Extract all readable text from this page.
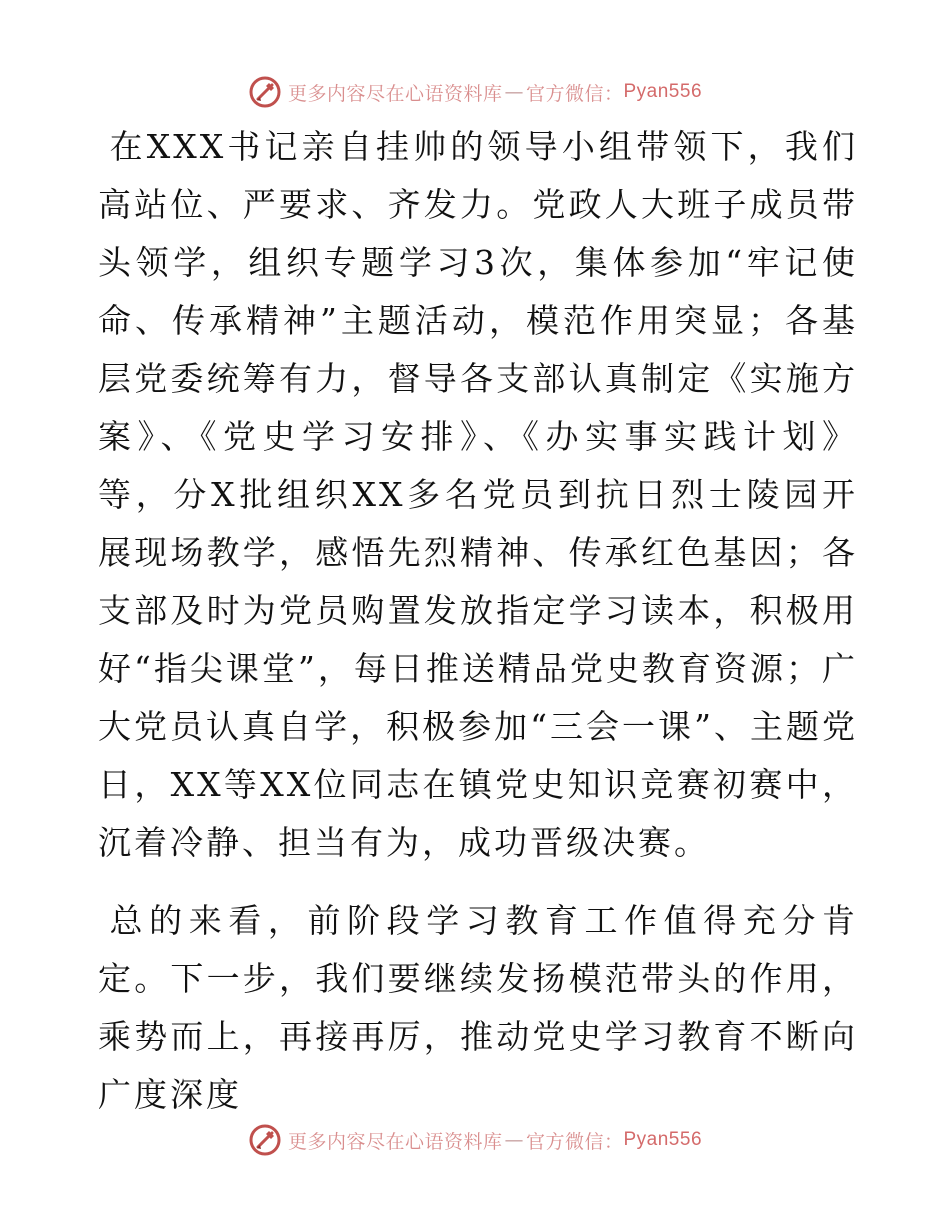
更多内容尽在心语资料库 — 官方微信： Pyan556

在XXX书记亲自挂帅的领导小组带领下，我们高站位、严要求、齐发力。党政人大班子成员带头领学，组织专题学习3次，集体参加“牢记使命、传承精神”主题活动，模范作用突显；各基层党委统筹有力，督导各支部认真制定《实施方案》、《党史学习安排》、《办实事实践计划》等，分X批组织XX多名党员到抗日烈士陵园开展现场教学，感悟先烈精神、传承红色基因；各支部及时为党员购置发放指定学习读本，积极用好“指尖课堂”，每日推送精品党史教育资源；广大党员认真自学，积极参加“三会一课”、主题党日，XX等XX位同志在镇党史知识竞赛初赛中，沉着冷静、担当有为，成功晋级决赛。

总的来看，前阶段学习教育工作值得充分肯定。下一步，我们要继续发扬模范带头的作用，乘势而上，再接再厉，推动党史学习教育不断向广度深度

更多内容尽在心语资料库 — 官方微信： Pyan556
